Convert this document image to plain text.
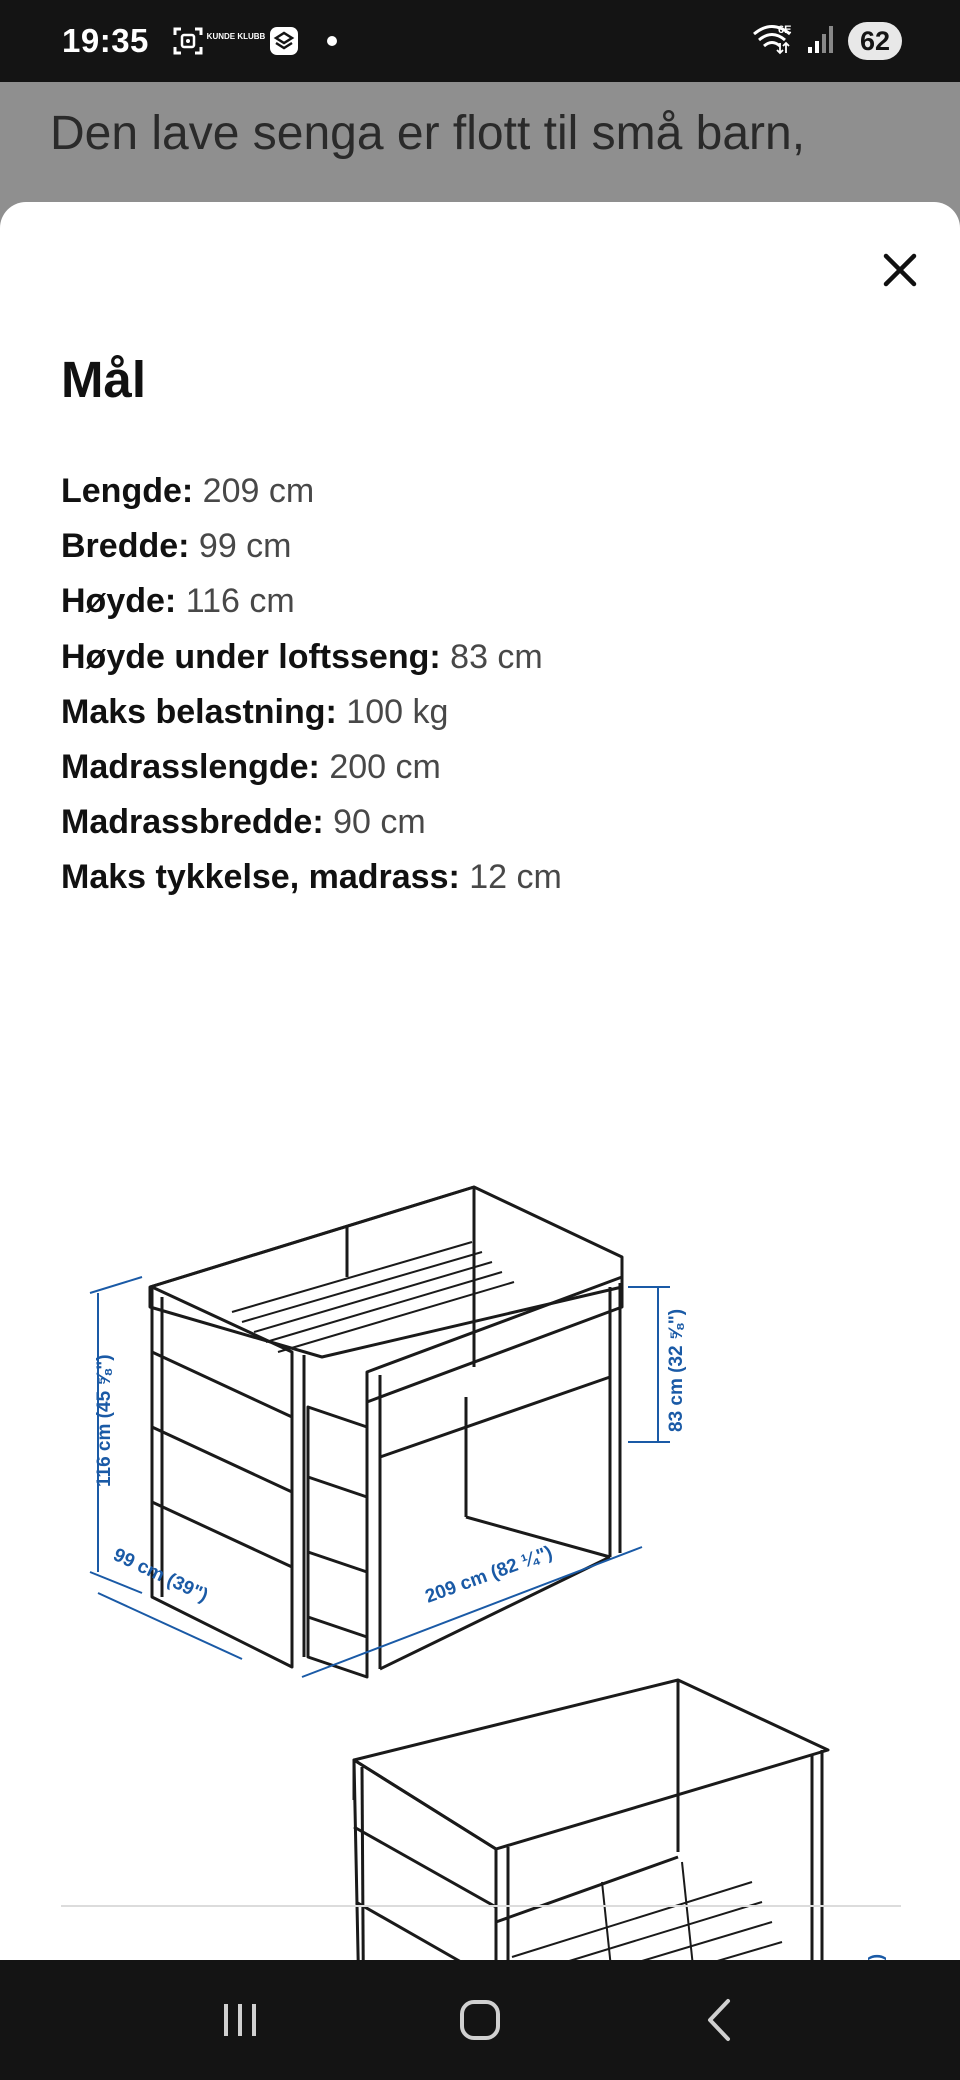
19:35	KUNDE KLUBB
6E	62
Den lave senga er flott til små barn,
Mål
Lengde: 209 cm
Bredde: 99 cm
Høyde: 116 cm
Høyde under loftsseng: 83 cm
Maks belastning: 100 kg
Madrasslengde: 200 cm
Madrassbredde: 90 cm
Maks tykkelse, madrass: 12 cm
116 cm (45 ⅝")
99 cm (39")	209 cm (82 ¼")
83 cm (32 ⅝")
